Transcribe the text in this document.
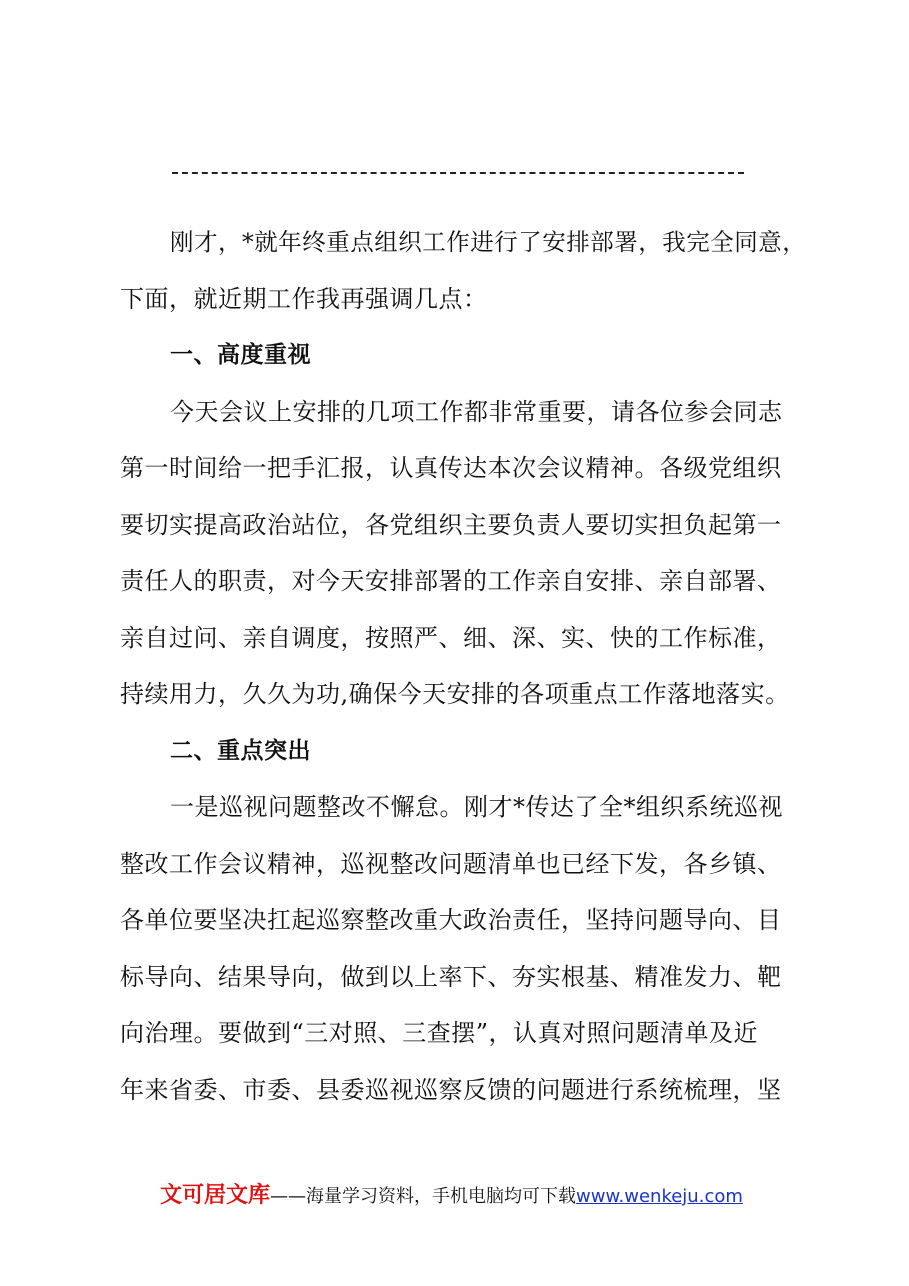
刚才，*就年终重点组织工作进行了安排部署，我完全同意，
下面，就近期工作我再强调几点：
一、高度重视
今天会议上安排的几项工作都非常重要，请各位参会同志
第一时间给一把手汇报，认真传达本次会议精神。各级党组织
要切实提高政治站位，各党组织主要负责人要切实担负起第一
责任人的职责，对今天安排部署的工作亲自安排、亲自部署、
亲自过问、亲自调度，按照严、细、深、实、快的工作标准，
持续用力，久久为功,确保今天安排的各项重点工作落地落实。
二、重点突出
一是巡视问题整改不懈怠。刚才*传达了全*组织系统巡视
整改工作会议精神，巡视整改问题清单也已经下发，各乡镇、
各单位要坚决扛起巡察整改重大政治责任，坚持问题导向、目
标导向、结果导向，做到以上率下、夯实根基、精准发力、靶
向治理。要做到“三对照、三查摆”，认真对照问题清单及近
年来省委、市委、县委巡视巡察反馈的问题进行系统梳理，坚
文可居文库——海量学习资料，手机电脑均可下载www.wenkeju.com
